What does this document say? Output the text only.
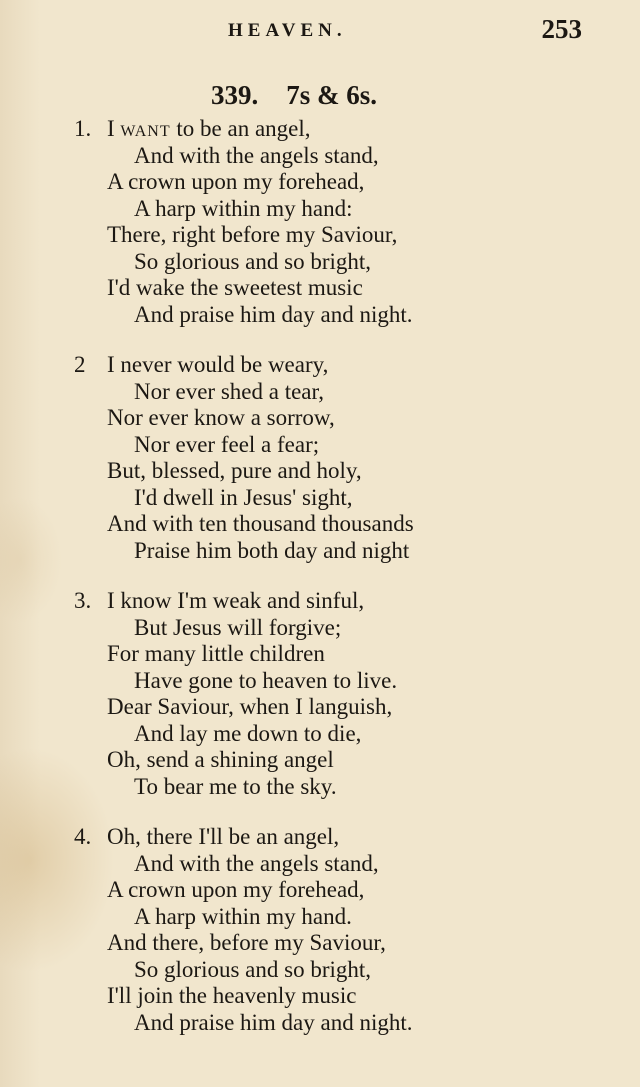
HEAVEN.	253
339. 7s & 6s.
1. I want to be an angel,
And with the angels stand,
A crown upon my forehead,
A harp within my hand:
There, right before my Saviour,
So glorious and so bright,
I'd wake the sweetest music
And praise him day and night.
2 I never would be weary,
Nor ever shed a tear,
Nor ever know a sorrow,
Nor ever feel a fear;
But, blessed, pure and holy,
I'd dwell in Jesus' sight,
And with ten thousand thousands
Praise him both day and night
3. I know I'm weak and sinful,
But Jesus will forgive;
For many little children
Have gone to heaven to live.
Dear Saviour, when I languish,
And lay me down to die,
Oh, send a shining angel
To bear me to the sky.
4. Oh, there I'll be an angel,
And with the angels stand,
A crown upon my forehead,
A harp within my hand.
And there, before my Saviour,
So glorious and so bright,
I'll join the heavenly music
And praise him day and night.
